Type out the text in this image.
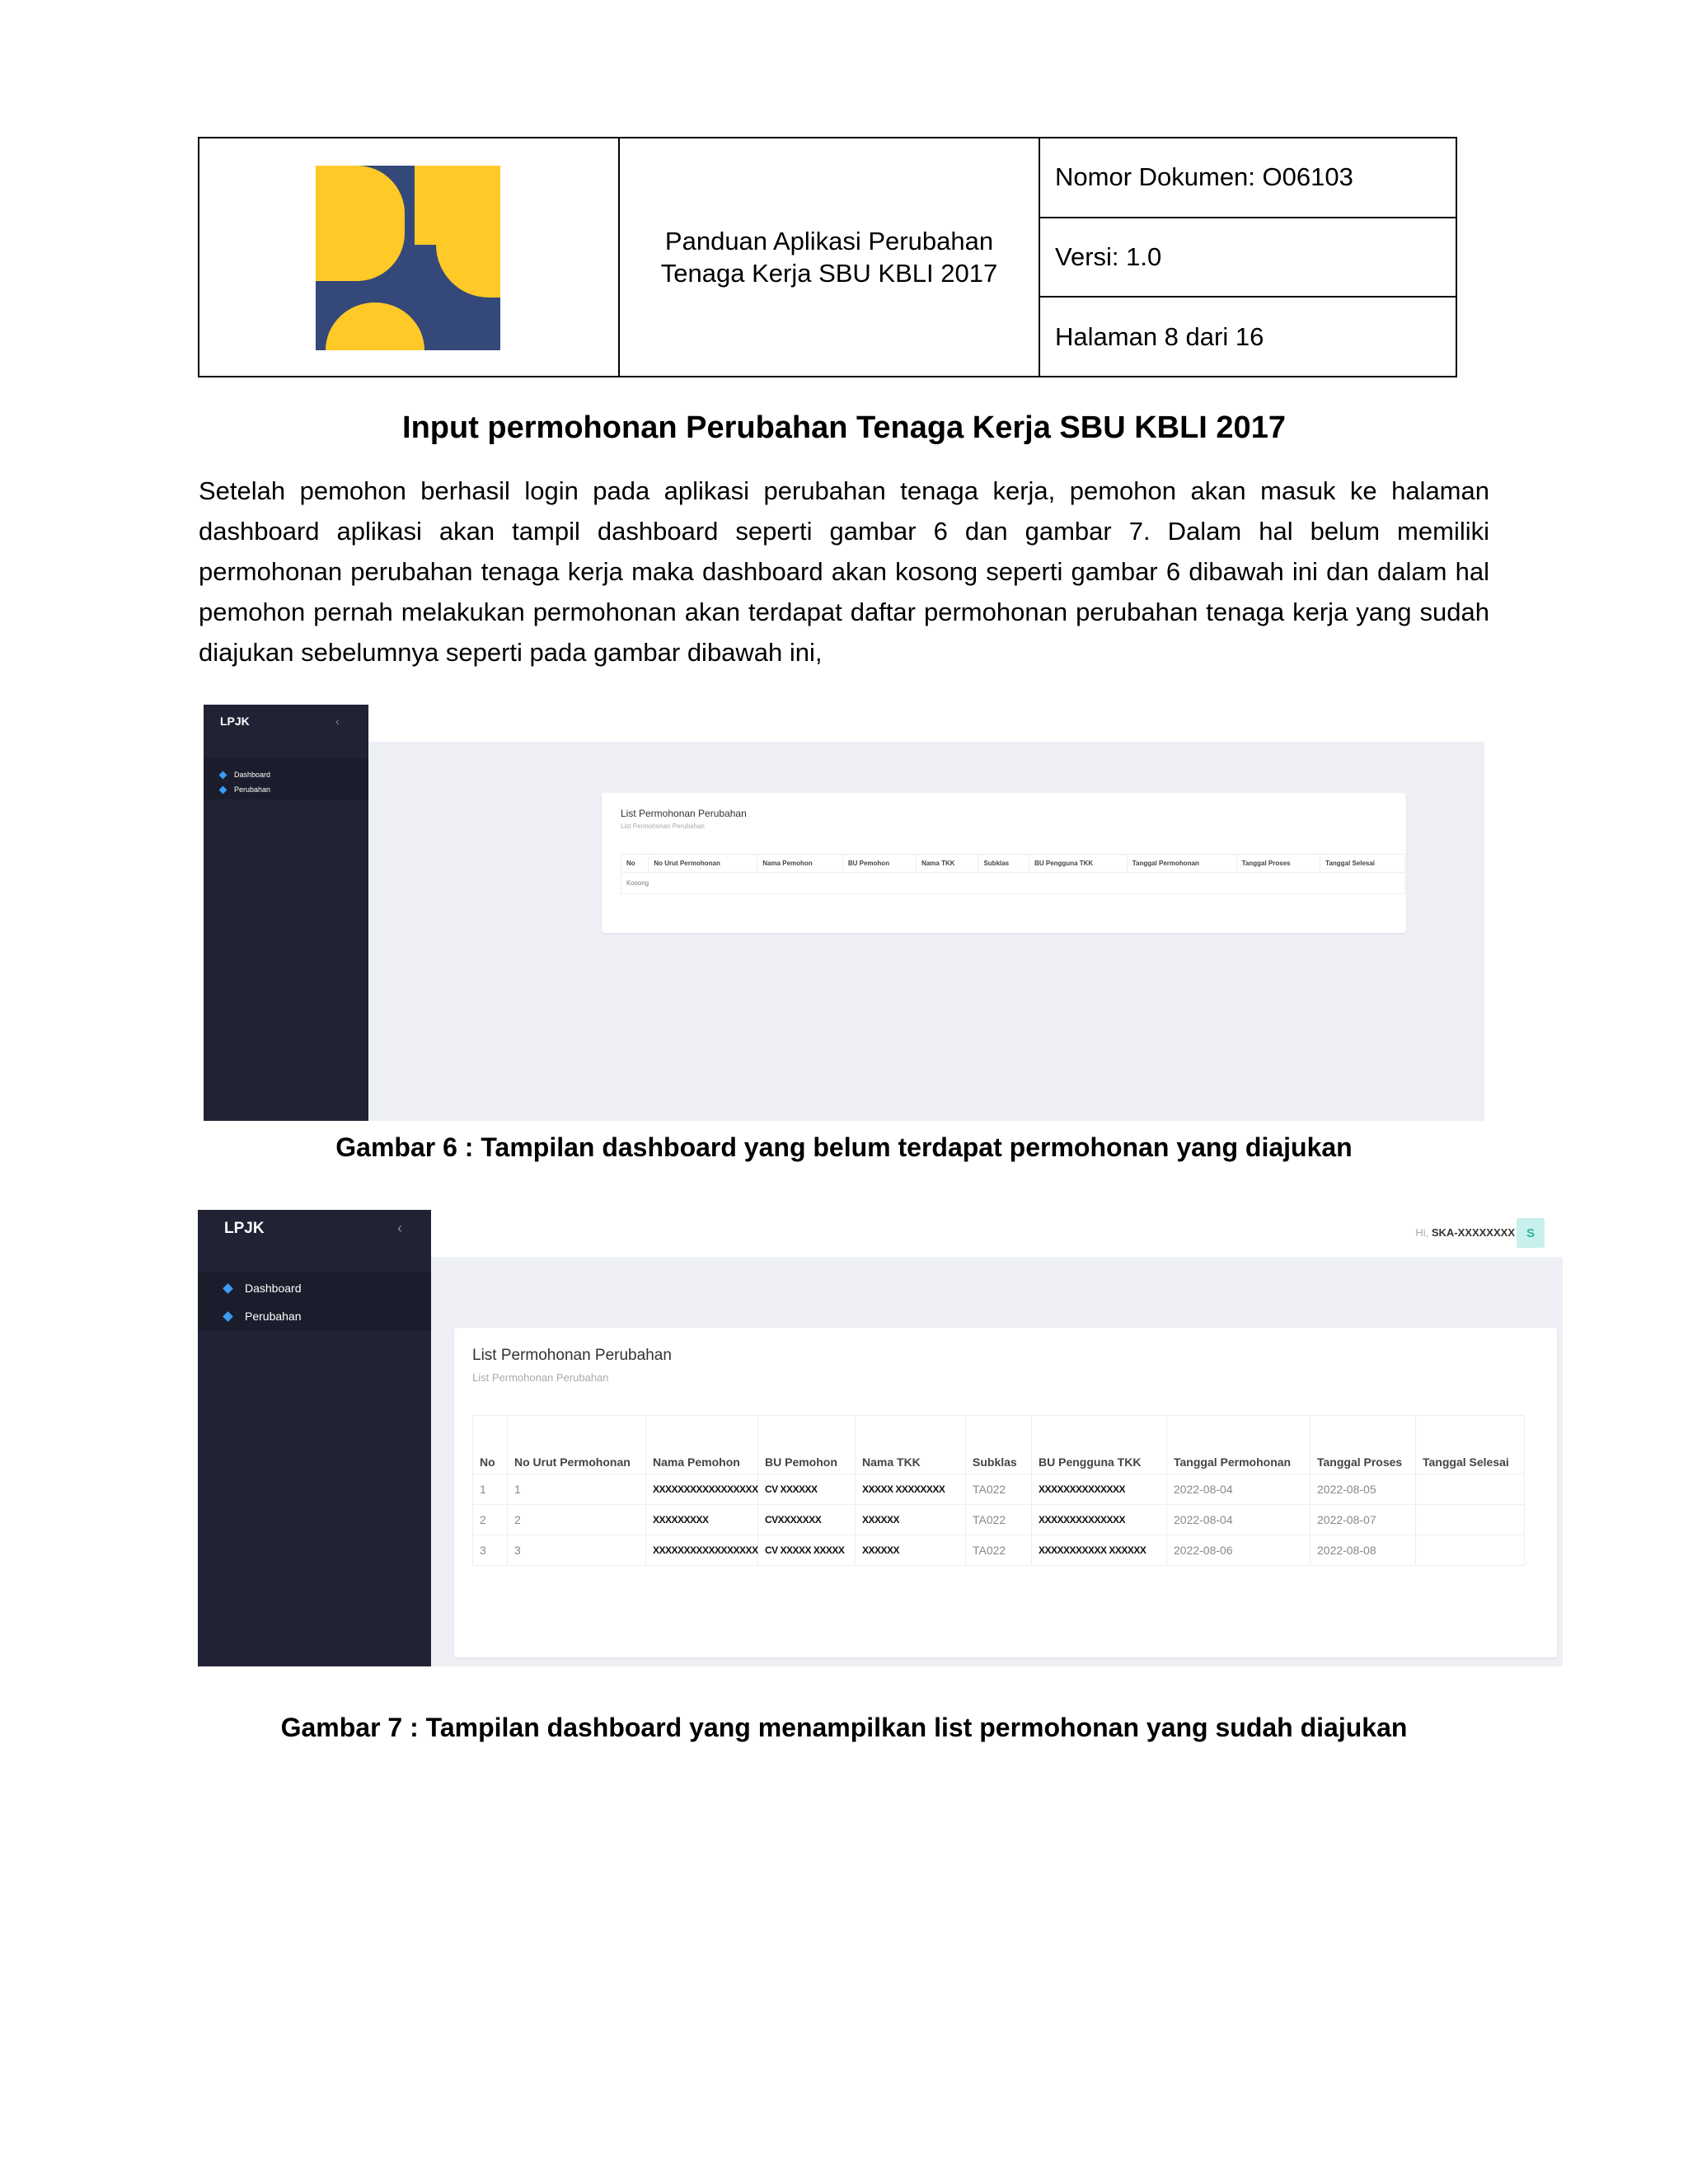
Panduan Aplikasi Perubahan
Tenaga Kerja SBU KBLI 2017
Nomor Dokumen: O06103
Versi: 1.0
Halaman 8 dari 16
Input permohonan Perubahan Tenaga Kerja SBU KBLI 2017
Setelah pemohon berhasil login pada aplikasi perubahan tenaga kerja, pemohon akan masuk ke halaman dashboard aplikasi akan tampil dashboard seperti gambar 6 dan gambar 7. Dalam hal belum memiliki permohonan perubahan tenaga kerja maka dashboard akan kosong seperti gambar 6 dibawah ini dan dalam hal pemohon pernah melakukan permohonan akan terdapat daftar permohonan perubahan tenaga kerja yang sudah diajukan sebelumnya seperti pada gambar dibawah ini,
LPJK	‹
Dashboard
Perubahan
List Permohonan Perubahan
List Permohonan Perubahan
No	No Urut Permohonan	Nama Pemohon	BU Pemohon	Nama TKK	Subklas	BU Pengguna TKK	Tanggal Permohonan	Tanggal Proses	Tanggal Selesai
Kosong
Gambar 6 : Tampilan dashboard yang belum terdapat permohonan yang diajukan
Hi, SKA-XXXXXXXX S
LPJK	‹
Dashboard
Perubahan
List Permohonan Perubahan
List Permohonan Perubahan
No	No Urut Permohonan	Nama Pemohon	BU Pemohon	Nama TKK	Subklas	BU Pengguna TKK	Tanggal Permohonan	Tanggal Proses	Tanggal Selesai
1	1	XXXXXXXXXXXXXXXXX	CV XXXXXX	XXXXX XXXXXXXX	TA022	XXXXXXXXXXXXXX	2022-08-04	2022-08-05	
2	2	XXXXXXXXX	CVXXXXXXX	XXXXXX	TA022	XXXXXXXXXXXXXX	2022-08-04	2022-08-07	
3	3	XXXXXXXXXXXXXXXXX	CV XXXXX XXXXX	XXXXXX	TA022	XXXXXXXXXXX XXXXXX	2022-08-06	2022-08-08	
Gambar 7 : Tampilan dashboard yang menampilkan list permohonan yang sudah diajukan
